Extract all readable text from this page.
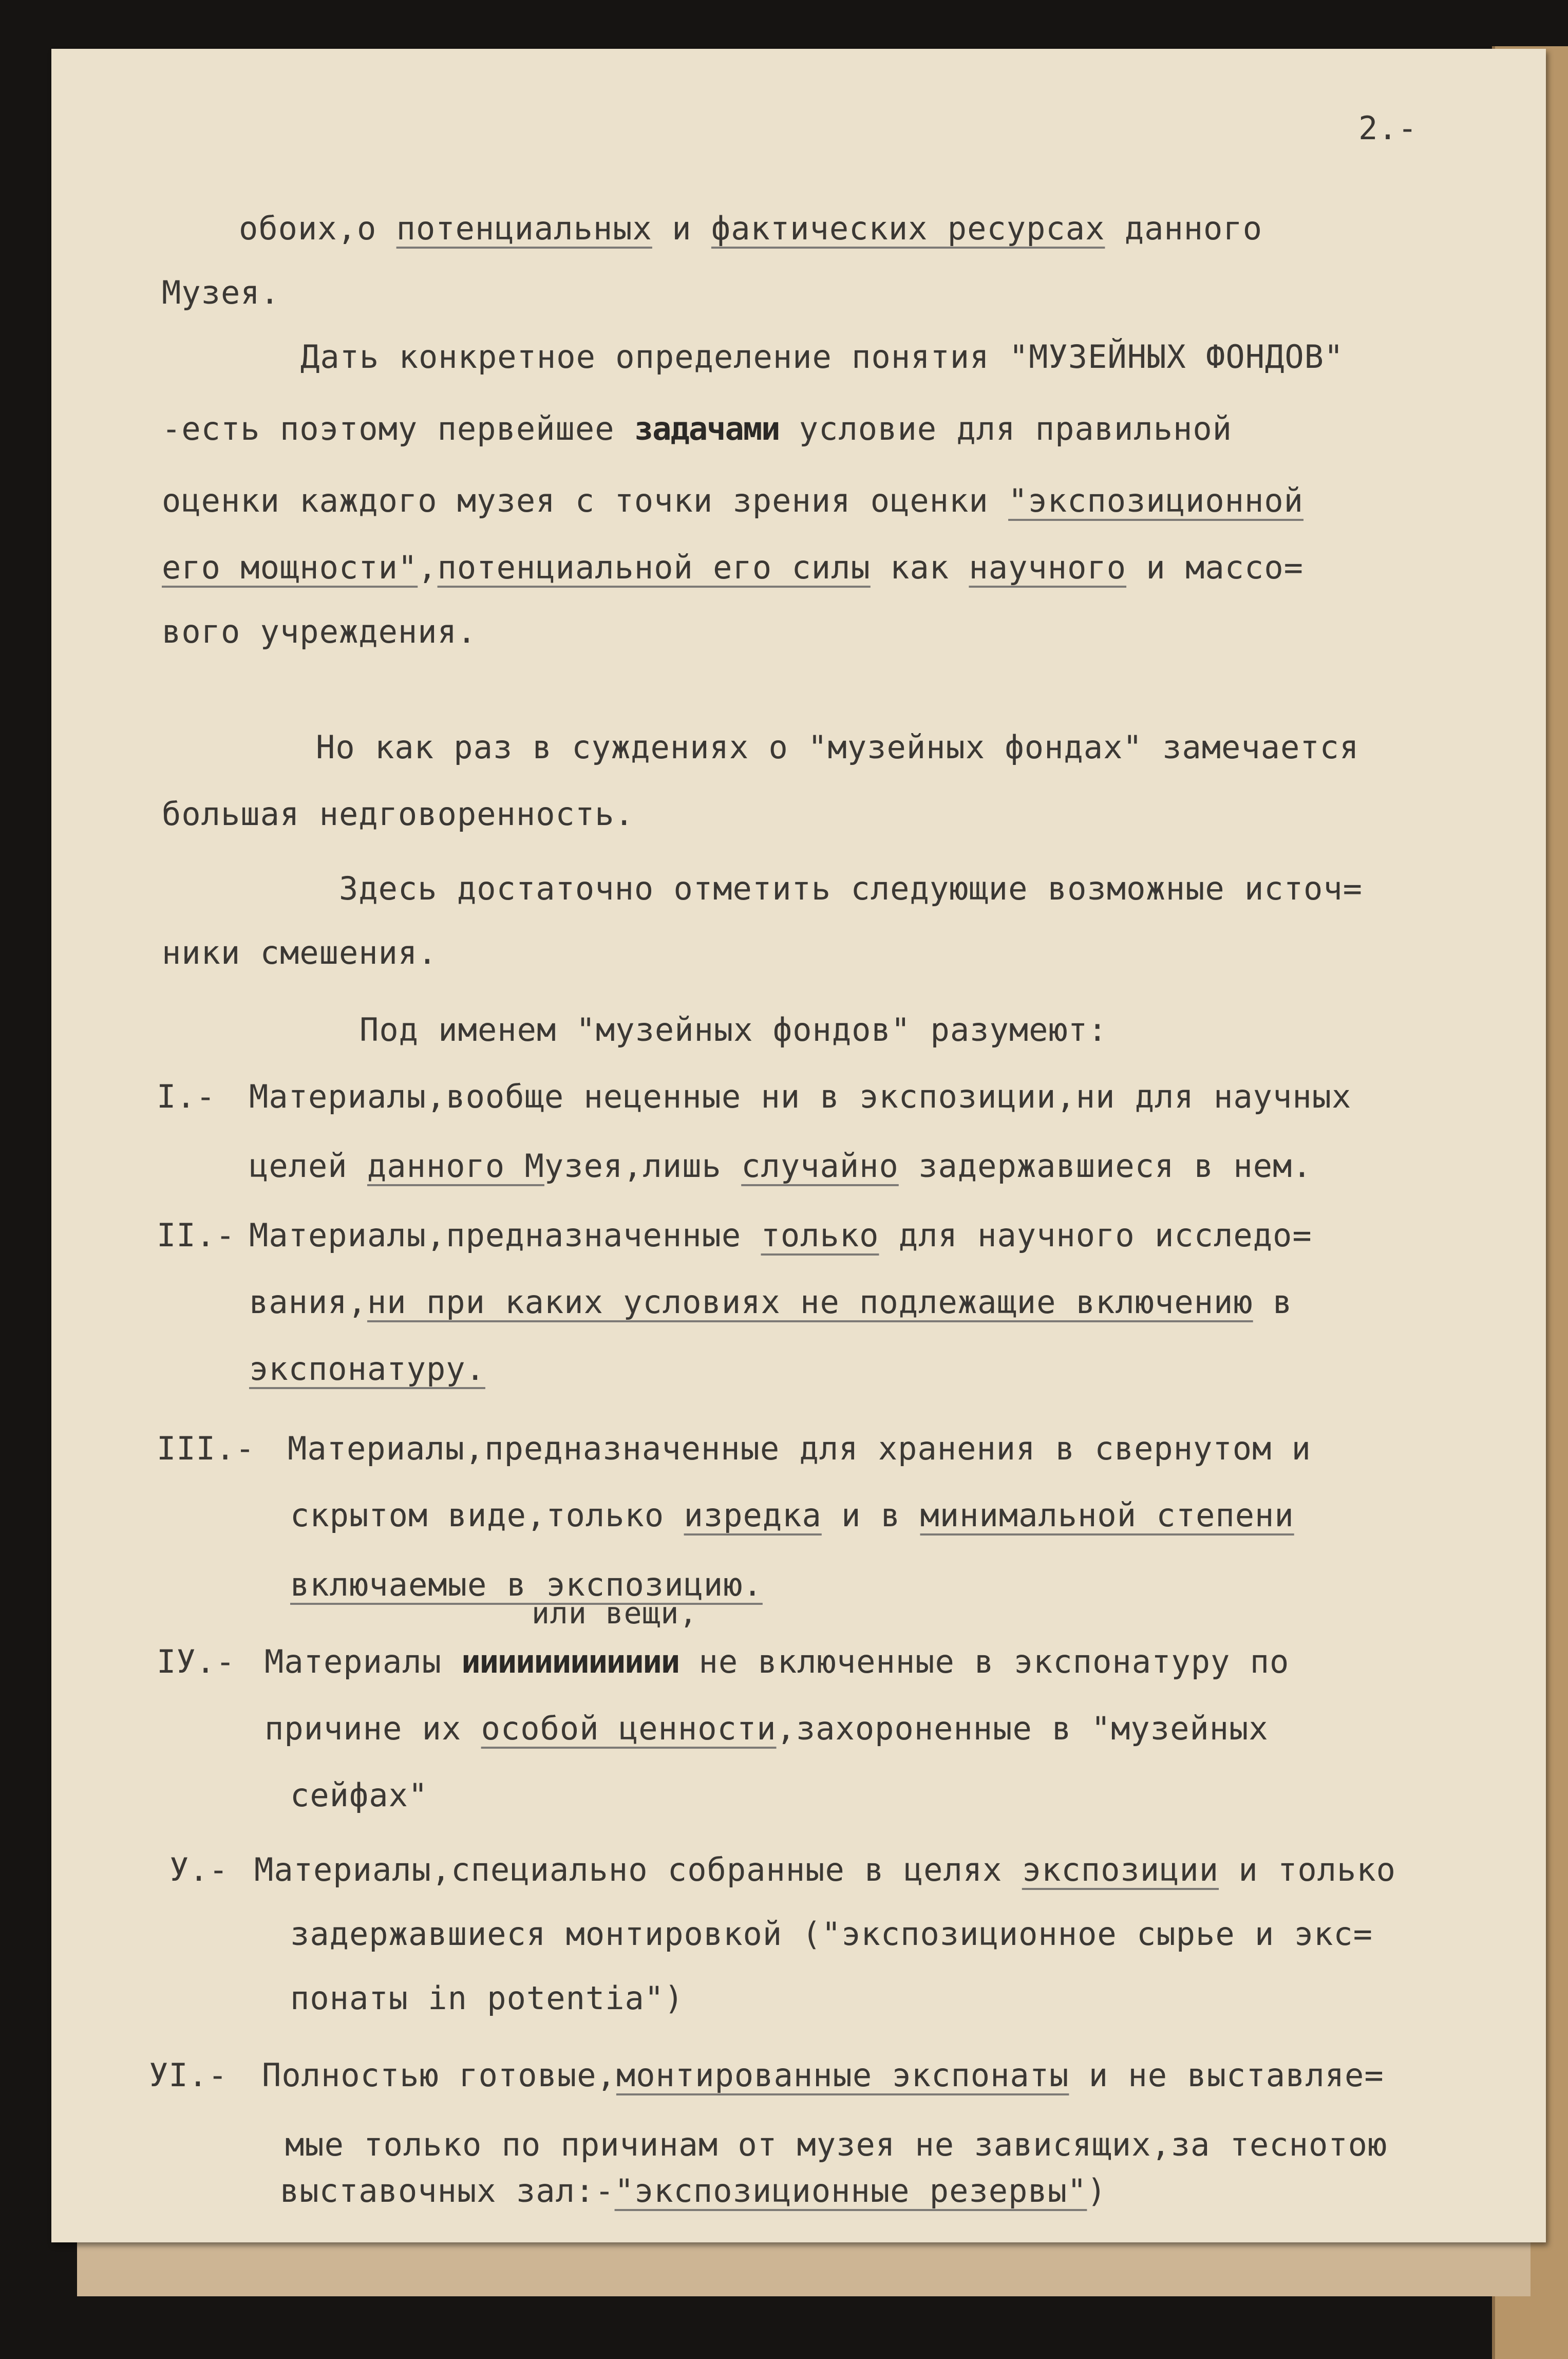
2.-
обоих,о потенциальных и фактических ресурсах данного
Музея.
Дать конкретное определение понятия "МУЗЕЙНЫХ ФОНДОВ"
-есть поэтому первейшее задачами условие для правильной
оценки каждого музея с точки зрения оценки "экспозиционной
его мощности",потенциальной его силы как научного и массо=
вого учреждения.
Но как раз в суждениях о "музейных фондах" замечается
большая недговоренность.
Здесь достаточно отметить следующие возможные источ=
ники смешения.
Под именем "музейных фондов" разумеют:
I.- Материалы,вообще неценные ни в экспозиции,ни для научных
целей данного Музея,лишь случайно задержавшиеся в нем.
II.- Материалы,предназначенные только для научного исследо=
вания,ни при каких условиях не подлежащие включению в
экспонатуру.
III.- Материалы,предназначенные для хранения в свернутом и
скрытом виде,только изредка и в минимальной степени
включаемые в экспозицию.
или вещи,
IУ.- Материалы ииииииииииии не включенные в экспонатуру по
причине их особой ценности,захороненные в "музейных
сейфах"
У.- Материалы,специально собранные в целях экспозиции и только
задержавшиеся монтировкой ("экспозиционное сырье и экс=
понаты in potentia")
УI.- Полностью готовые,монтированные экспонаты и не выставляе=
мые только по причинам от музея не зависящих,за теснотою
выставочных зал:-"экспозиционные резервы")
